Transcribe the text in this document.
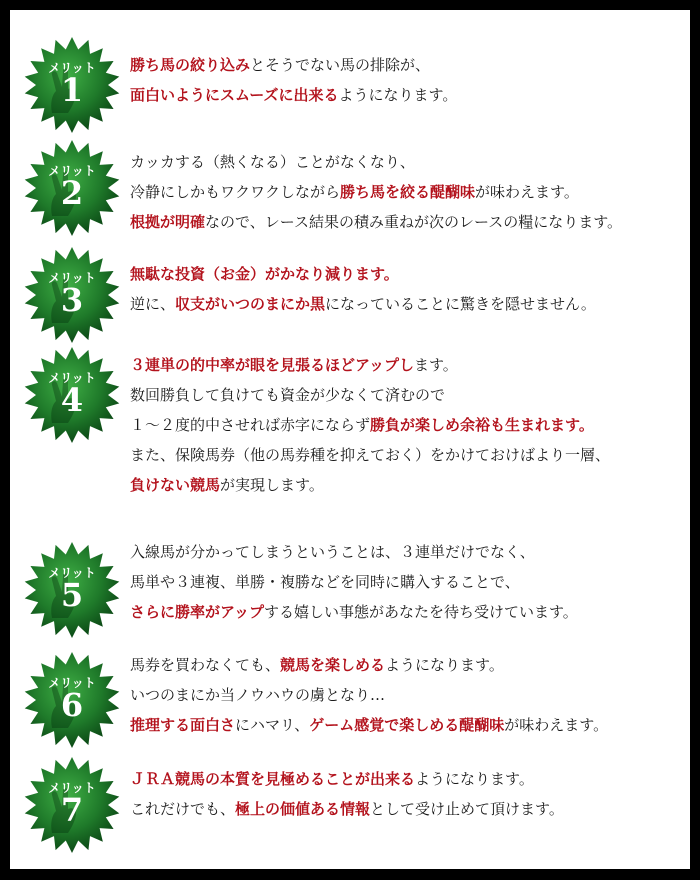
メリット
1
勝ち馬の絞り込みとそうでない馬の排除が、
面白いようにスムーズに出来るようになります。
メリット
2
カッカする（熱くなる）ことがなくなり、
冷静にしかもワクワクしながら勝ち馬を絞る醍醐味が味わえます。
根拠が明確なので、レース結果の積み重ねが次のレースの糧になります。
メリット
3
無駄な投資（お金）がかなり減ります。
逆に、収支がいつのまにか黒になっていることに驚きを隠せません。
メリット
4
３連単の的中率が眼を見張るほどアップします。
数回勝負して負けても資金が少なくて済むので
１～２度的中させれば赤字にならず勝負が楽しめ余裕も生まれます。
また、保険馬券（他の馬券種を抑えておく）をかけておけばより一層、
負けない競馬が実現します。
メリット
5
入線馬が分かってしまうということは、３連単だけでなく、
馬単や３連複、単勝・複勝などを同時に購入することで、
さらに勝率がアップする嬉しい事態があなたを待ち受けています。
メリット
6
馬券を買わなくても、競馬を楽しめるようになります。
いつのまにか当ノウハウの虜となり…
推理する面白さにハマリ、ゲーム感覚で楽しめる醍醐味が味わえます。
メリット
7
ＪＲＡ競馬の本質を見極めることが出来るようになります。
これだけでも、極上の価値ある情報として受け止めて頂けます。
